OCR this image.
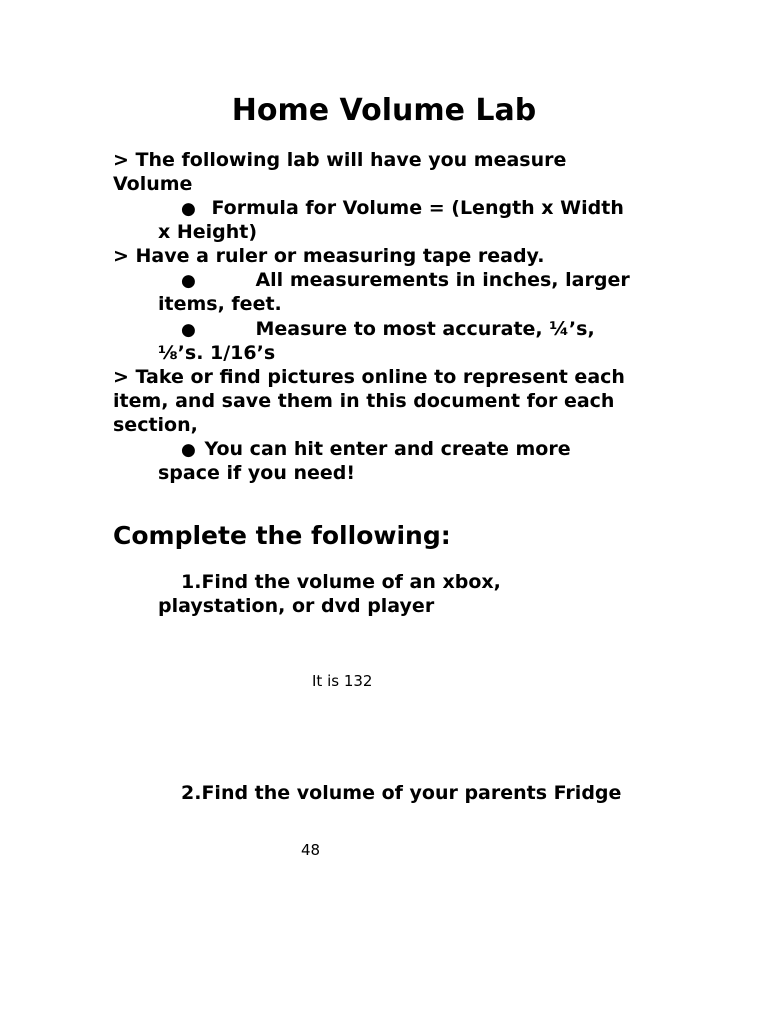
Home Volume Lab
> The following lab will have you measure
Volume
● Formula for Volume = (Length x Width
x Height)
> Have a ruler or measuring tape ready.
●	All measurements in inches, larger
items, feet.
●	Measure to most accurate, ¼’s,
⅛’s. 1/16’s
> Take or find pictures online to represent each
item, and save them in this document for each
section,
● You can hit enter and create more
space if you need!
Complete the following:
1.Find the volume of an xbox,
playstation, or dvd player
It is 132
2.Find the volume of your parents Fridge
48
